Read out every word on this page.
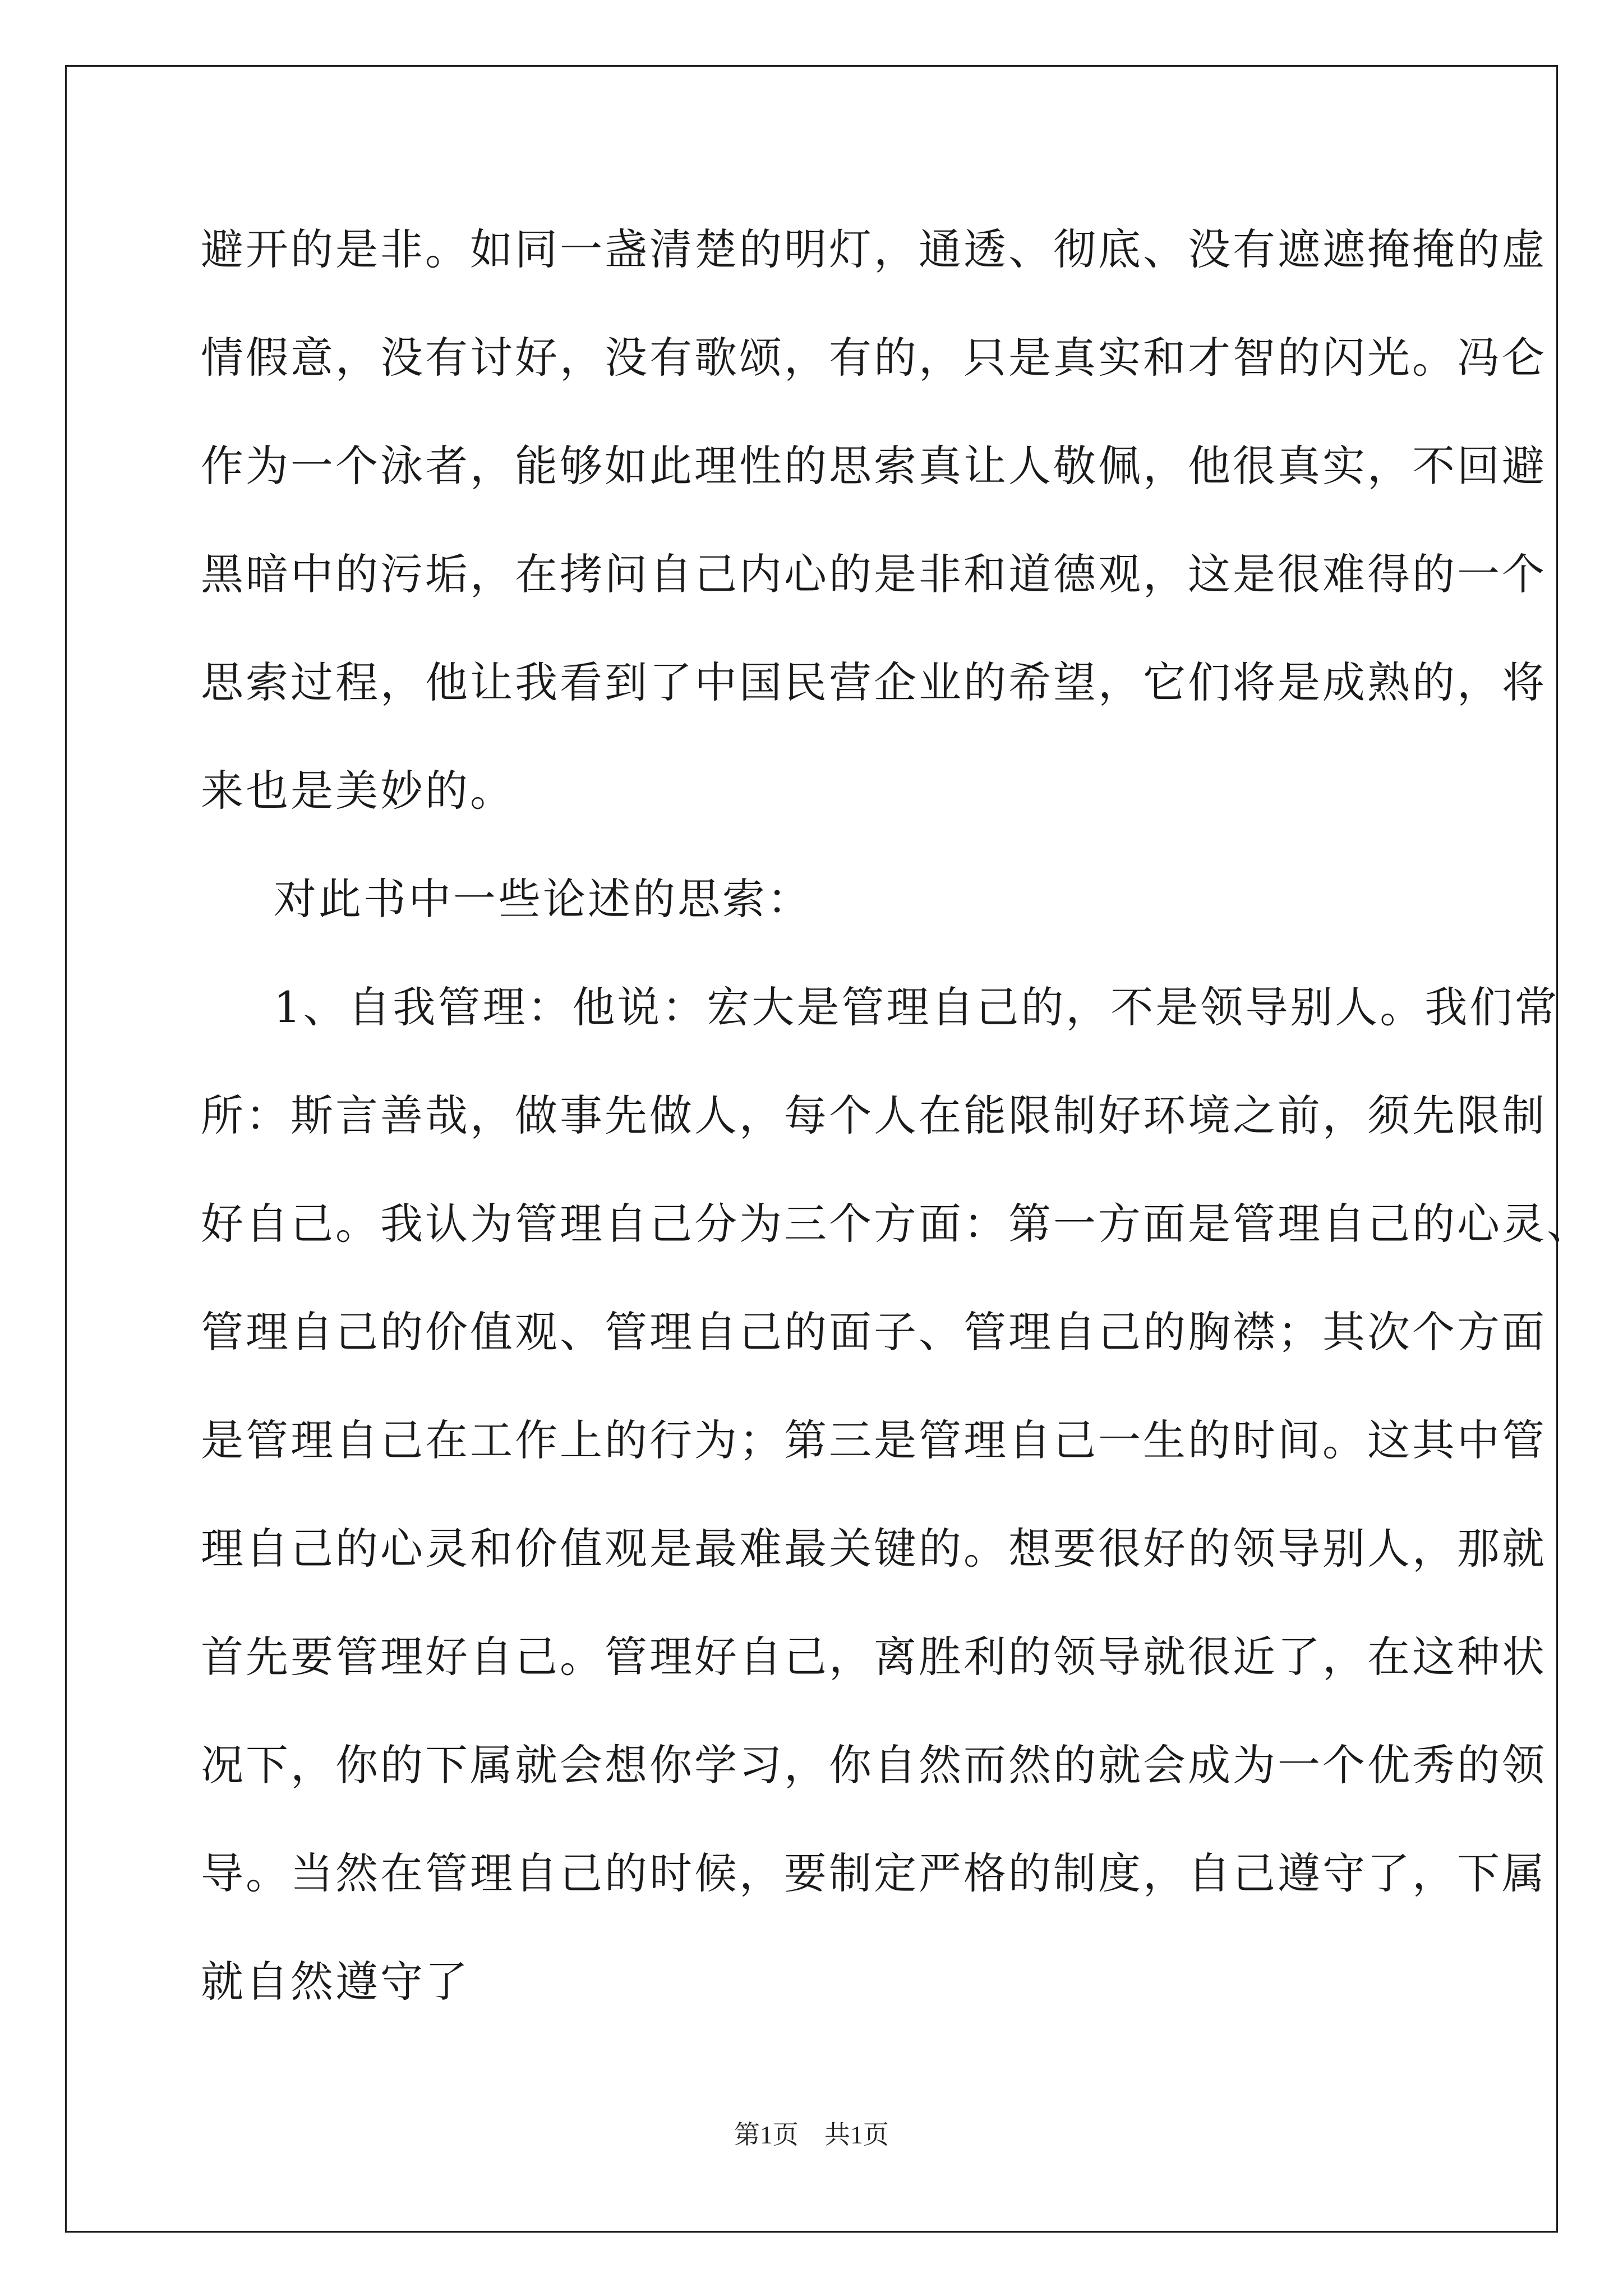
避开的是非。如同一盏清楚的明灯，通透、彻底、没有遮遮掩掩的虚
情假意，没有讨好，没有歌颂，有的，只是真实和才智的闪光。冯仑
作为一个泳者，能够如此理性的思索真让人敬佩，他很真实，不回避
黑暗中的污垢，在拷问自己内心的是非和道德观，这是很难得的一个
思索过程，他让我看到了中国民营企业的希望，它们将是成熟的，将
来也是美妙的。
对此书中一些论述的思索：
1、自我管理：他说：宏大是管理自己的，不是领导别人。我们常
所：斯言善哉，做事先做人，每个人在能限制好环境之前，须先限制
好自己。我认为管理自己分为三个方面：第一方面是管理自己的心灵、
管理自己的价值观、管理自己的面子、管理自己的胸襟；其次个方面
是管理自己在工作上的行为；第三是管理自己一生的时间。这其中管
理自己的心灵和价值观是最难最关键的。想要很好的领导别人，那就
首先要管理好自己。管理好自己，离胜利的领导就很近了，在这种状
况下，你的下属就会想你学习，你自然而然的就会成为一个优秀的领
导。当然在管理自己的时候，要制定严格的制度，自己遵守了，下属
就自然遵守了
第1页　共1页
